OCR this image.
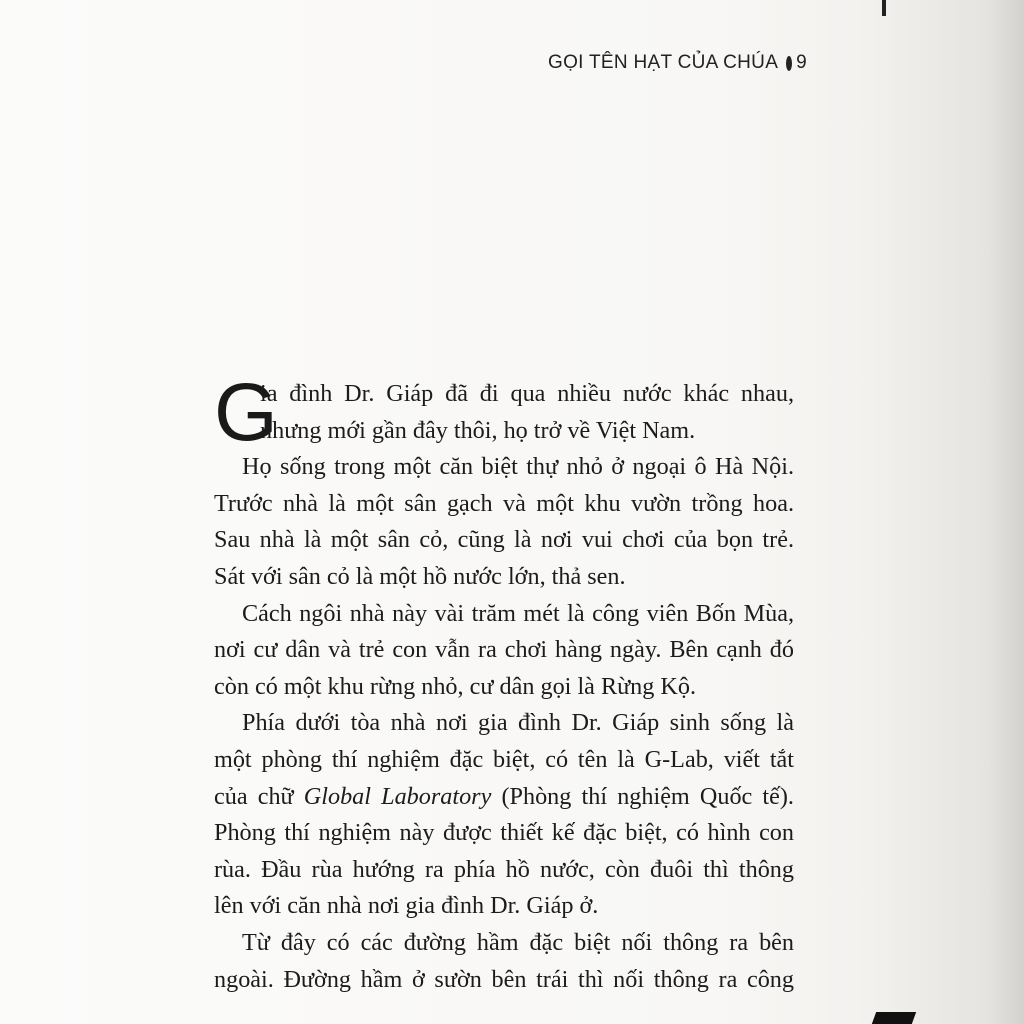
GỌI TÊN HẠT CỦA CHÚA 9

G
ia đình Dr. Giáp đã đi qua nhiều nước khác nhau,
nhưng mới gần đây thôi, họ trở về Việt Nam.

Họ sống trong một căn biệt thự nhỏ ở ngoại ô Hà Nội.
Trước nhà là một sân gạch và một khu vườn trồng hoa.
Sau nhà là một sân cỏ, cũng là nơi vui chơi của bọn trẻ.
Sát với sân cỏ là một hồ nước lớn, thả sen.

Cách ngôi nhà này vài trăm mét là công viên Bốn Mùa,
nơi cư dân và trẻ con vẫn ra chơi hàng ngày. Bên cạnh đó
còn có một khu rừng nhỏ, cư dân gọi là Rừng Kộ.

Phía dưới tòa nhà nơi gia đình Dr. Giáp sinh sống là
một phòng thí nghiệm đặc biệt, có tên là G-Lab, viết tắt
của chữ Global Laboratory (Phòng thí nghiệm Quốc tế).
Phòng thí nghiệm này được thiết kế đặc biệt, có hình con
rùa. Đầu rùa hướng ra phía hồ nước, còn đuôi thì thông
lên với căn nhà nơi gia đình Dr. Giáp ở.

Từ đây có các đường hầm đặc biệt nối thông ra bên
ngoài. Đường hầm ở sườn bên trái thì nối thông ra công
